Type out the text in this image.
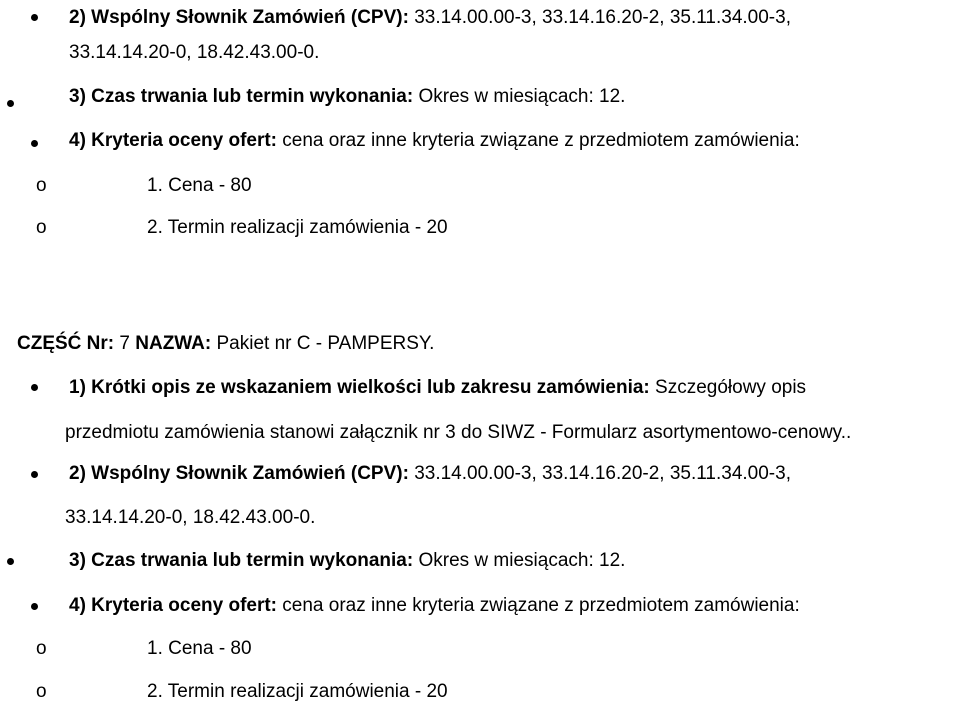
2) Wspólny Słownik Zamówień (CPV): 33.14.00.00-3, 33.14.16.20-2, 35.11.34.00-3,
33.14.14.20-0, 18.42.43.00-0.
3) Czas trwania lub termin wykonania: Okres w miesiącach: 12.
4) Kryteria oceny ofert: cena oraz inne kryteria związane z przedmiotem zamówienia:
o	1. Cena - 80
o	2. Termin realizacji zamówienia - 20
CZĘŚĆ Nr: 7 NAZWA: Pakiet nr C - PAMPERSY.
1) Krótki opis ze wskazaniem wielkości lub zakresu zamówienia: Szczegółowy opis
przedmiotu zamówienia stanowi załącznik nr 3 do SIWZ - Formularz asortymentowo-cenowy..
2) Wspólny Słownik Zamówień (CPV): 33.14.00.00-3, 33.14.16.20-2, 35.11.34.00-3,
33.14.14.20-0, 18.42.43.00-0.
3) Czas trwania lub termin wykonania: Okres w miesiącach: 12.
4) Kryteria oceny ofert: cena oraz inne kryteria związane z przedmiotem zamówienia:
o	1. Cena - 80
o	2. Termin realizacji zamówienia - 20
